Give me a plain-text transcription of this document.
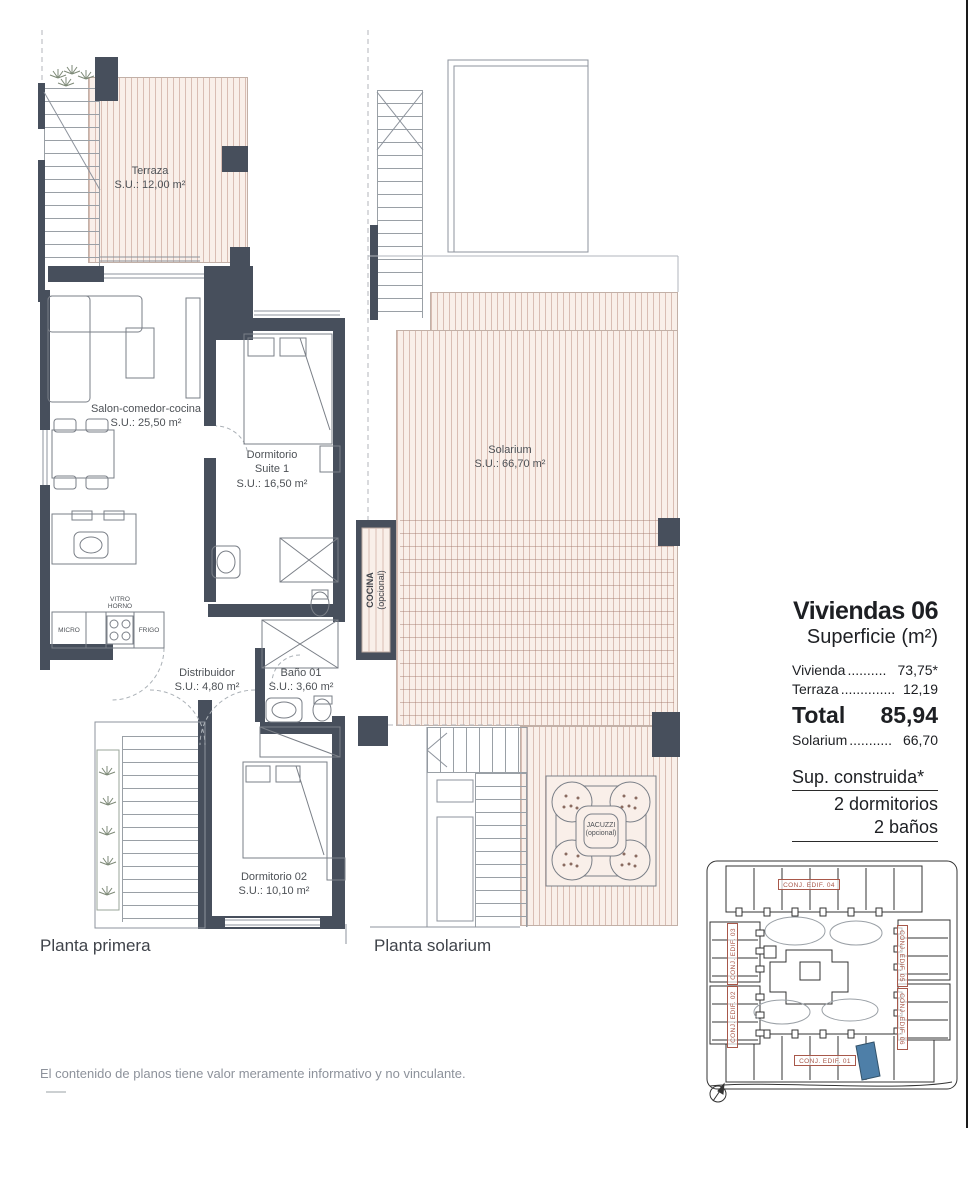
Terraza
S.U.: 12,00 m²
Salon-comedor-cocina
S.U.: 25,50 m²
Dormitorio
Suite 1
S.U.: 16,50 m²
Distribuidor
S.U.: 4,80 m²
Baño 01
S.U.: 3,60 m²
Dormitorio 02
S.U.: 10,10 m²
Solarium
S.U.: 66,70 m²
MICRO
VITRO
HORNO
FRIGO
COCINA (opcional)
JACUZZI
(opcional)
Planta primera	Planta solarium
Viviendas 06
Superficie (m²)
Vivienda .......... 73,75*
Terraza .............. 12,19
Total 85,94
Solarium ........... 66,70
Sup. construida*
2 dormitorios
2 baños
CONJ. EDIF. 04
CONJ. EDIF. 01
CONJ. EDIF. 03
CONJ. EDIF. 02
CONJ. EDIF. 05
CONJ. EDIF. 06
El contenido de planos tiene valor meramente informativo y no vinculante.
